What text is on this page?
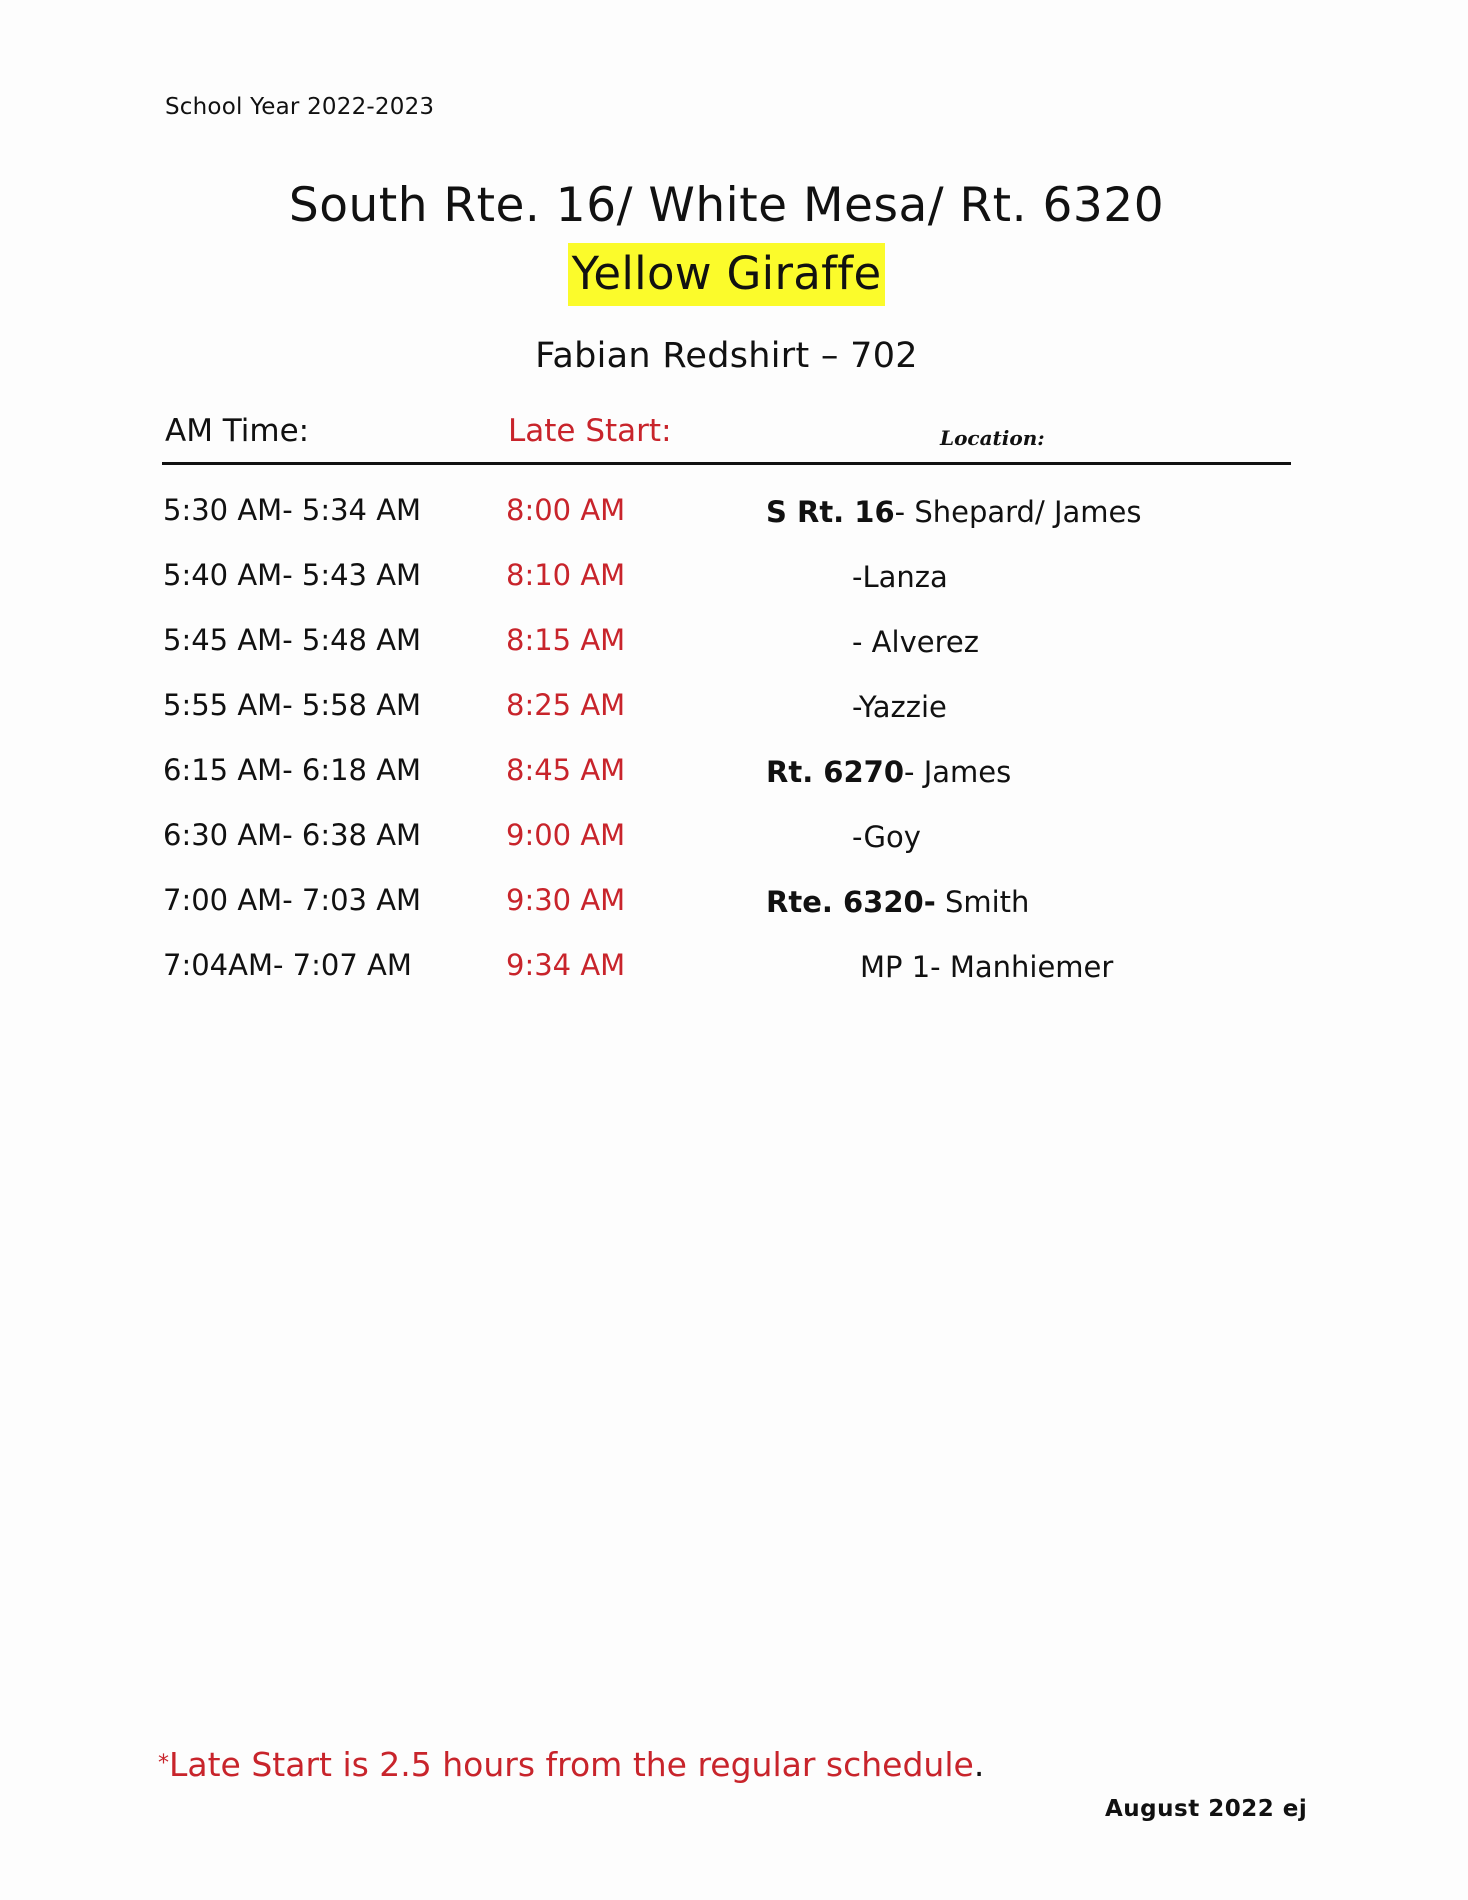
School Year 2022-2023
South Rte. 16/ White Mesa/ Rt. 6320
Yellow Giraffe
Fabian Redshirt – 702
AM Time:	Late Start:	Location:
5:30 AM- 5:34 AM	8:00 AM	S Rt. 16- Shepard/ James
5:40 AM- 5:43 AM	8:10 AM	-Lanza
5:45 AM- 5:48 AM	8:15 AM	- Alverez
5:55 AM- 5:58 AM	8:25 AM	-Yazzie
6:15 AM- 6:18 AM	8:45 AM	Rt. 6270- James
6:30 AM- 6:38 AM	9:00 AM	-Goy
7:00 AM- 7:03 AM	9:30 AM	Rte. 6320- Smith
7:04AM- 7:07 AM	9:34 AM	MP 1- Manhiemer
*Late Start is 2.5 hours from the regular schedule.
August 2022 ej
